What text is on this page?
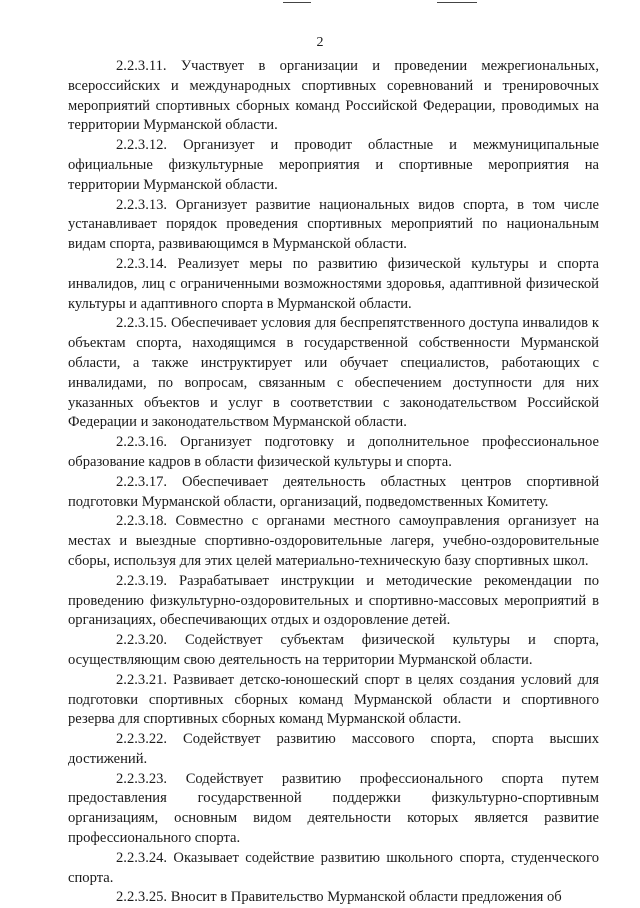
2

2.2.3.11. Участвует в организации и проведении межрегиональных, всероссийских и международных спортивных соревнований и тренировочных мероприятий спортивных сборных команд Российской Федерации, проводимых на территории Мурманской области.

2.2.3.12. Организует и проводит областные и межмуниципальные официальные физкультурные мероприятия и спортивные мероприятия на территории Мурманской области.

2.2.3.13. Организует развитие национальных видов спорта, в том числе устанавливает порядок проведения спортивных мероприятий по национальным видам спорта, развивающимся в Мурманской области.

2.2.3.14. Реализует меры по развитию физической культуры и спорта инвалидов, лиц с ограниченными возможностями здоровья, адаптивной физической культуры и адаптивного спорта в Мурманской области.

2.2.3.15. Обеспечивает условия для беспрепятственного доступа инвалидов к объектам спорта, находящимся в государственной собственности Мурманской области, а также инструктирует или обучает специалистов, работающих с инвалидами, по вопросам, связанным с обеспечением доступности для них указанных объектов и услуг в соответствии с законодательством Российской Федерации и законодательством Мурманской области.

2.2.3.16. Организует подготовку и дополнительное профессиональное образование кадров в области физической культуры и спорта.

2.2.3.17. Обеспечивает деятельность областных центров спортивной подготовки Мурманской области, организаций, подведомственных Комитету.

2.2.3.18. Совместно с органами местного самоуправления организует на местах и выездные спортивно-оздоровительные лагеря, учебно-оздоровительные сборы, используя для этих целей материально-техническую базу спортивных школ.

2.2.3.19. Разрабатывает инструкции и методические рекомендации по проведению физкультурно-оздоровительных и спортивно-массовых мероприятий в организациях, обеспечивающих отдых и оздоровление детей.

2.2.3.20. Содействует субъектам физической культуры и спорта, осуществляющим свою деятельность на территории Мурманской области.

2.2.3.21. Развивает детско-юношеский спорт в целях создания условий для подготовки спортивных сборных команд Мурманской области и спортивного резерва для спортивных сборных команд Мурманской области.

2.2.3.22. Содействует развитию массового спорта, спорта высших достижений.

2.2.3.23. Содействует развитию профессионального спорта путем предоставления государственной поддержки физкультурно-спортивным организациям, основным видом деятельности которых является развитие профессионального спорта.

2.2.3.24. Оказывает содействие развитию школьного спорта, студенческого спорта.

2.2.3.25. Вносит в Правительство Мурманской области предложения об
